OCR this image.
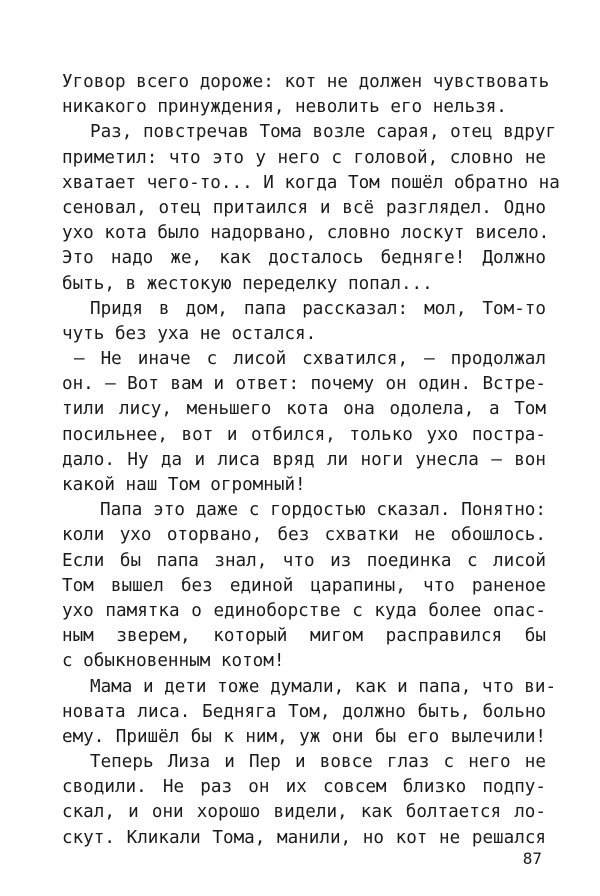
Уговор всего дороже: кот не должен чувствовать
никакого принуждения, неволить его нельзя.
Раз, повстречав Тома возле сарая, отец вдруг
приметил: что это у него с головой, словно не
хватает чего-то... И когда Том пошёл обратно на
сеновал, отец притаился и всё разглядел. Одно
ухо кота было надорвано, словно лоскут висело.
Это надо же, как досталось бедняге! Должно
быть, в жестокую переделку попал...
Придя в дом, папа рассказал: мол, Том-то
чуть без уха не остался.
– Не иначе с лисой схватился, – продолжал
он. – Вот вам и ответ: почему он один. Встре-
тили лису, меньшего кота она одолела, а Том
посильнее, вот и отбился, только ухо пострa-
дало. Ну да и лиса вряд ли ноги унесла – вон
какой наш Том огромный!
Папа это даже с гордостью сказал. Понятно:
коли ухо оторвано, без схватки не обошлось.
Если бы папа знал, что из поединка с лисой
Том вышел без единой царапины, что раненое
ухо памятка о единоборстве с куда более опас-
ным зверем, который мигом расправился бы
с обыкновенным котом!
Мама и дети тоже думали, как и папа, что ви-
новата лиса. Бедняга Том, должно быть, больно
ему. Пришёл бы к ним, уж они бы его вылечили!
Теперь Лиза и Пер и вовсе глаз с него не
сводили. Не раз он их совсем близко подпу-
скал, и они хорошо видели, как болтается ло-
скут. Кликали Тома, манили, но кот не решался
87
